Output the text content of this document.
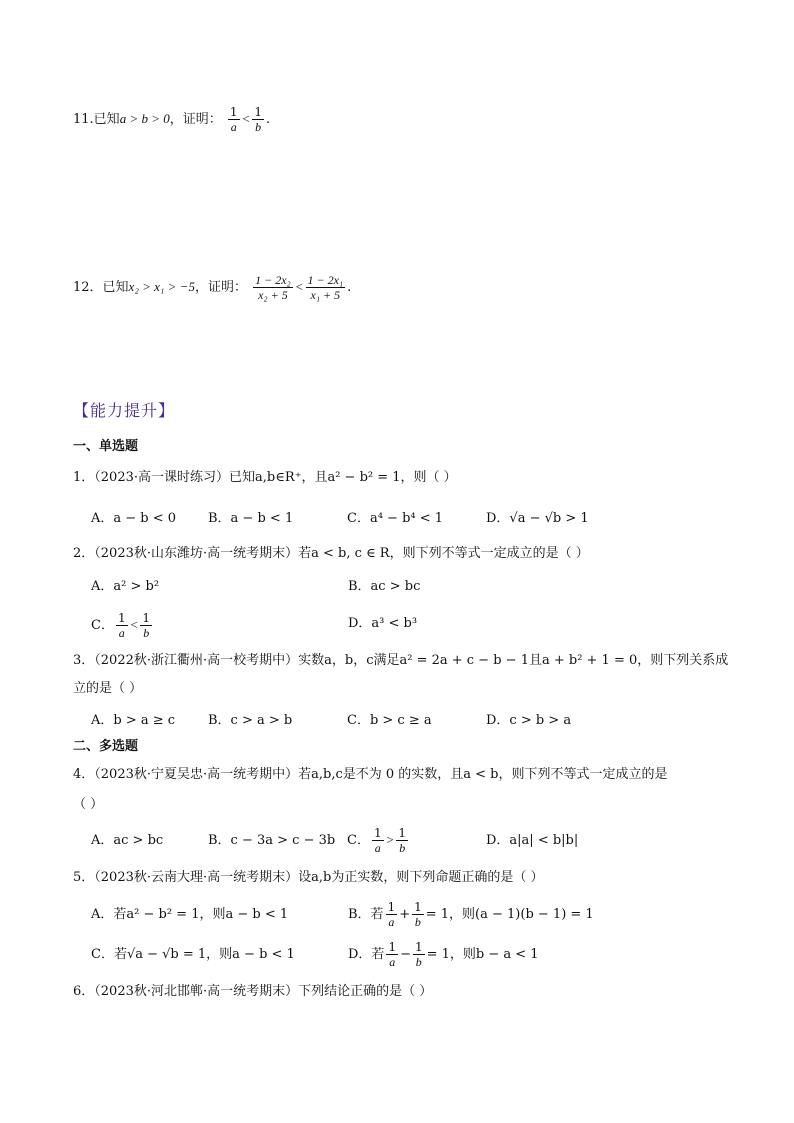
11.已知a > b > 0，证明： $\frac{1}{a} < \frac{1}{b}$ .
12．已知x₂ > x₁ > −5，证明： $\frac{\text{1 − 2x₂}}{\text{x₂ + 5}} < \frac{\text{1 − 2x₁}}{\text{x₁ + 5}}$ .
【能力提升】
一、单选题
1．（2023·高一课时练习）已知a,b∈R⁺，且a² − b² = 1，则（ ）
A．a − b < 0 B．a − b < 1	C．a⁴ − b⁴ < 1	D．√a − √b > 1
2．（2023秋·山东潍坊·高一统考期末）若a < b, c ∈ R，则下列不等式一定成立的是（ ）
A．a² > b²	B．ac > bc
C． $\frac{1}{a} < \frac{1}{b}$	D．a³ < b³
3．（2022秋·浙江衢州·高一校考期中）实数a，b，c满足a² = 2a + c − b − 1且a + b² + 1 = 0，则下列关系成
立的是（ ）
A．b > a ≥ c	B．c > a > b	C．b > c ≥ a	D．c > b > a
二、多选题
4．（2023秋·宁夏吴忠·高一统考期中）若a,b,c是不为 0 的实数，且a < b，则下列不等式一定成立的是
（ ）
A．ac > bc	B．c − 3a > c − 3b C． $\frac{1}{a} > \frac{1}{b}$	D．a|a| < b|b|
5．（2023秋·云南大理·高一统考期末）设a,b为正实数，则下列命题正确的是（ ）
A．若a² − b² = 1，则a − b < 1	B．若 $\frac{1}{a} + \frac{1}{b} = 1$，则(a − 1)(b − 1) = 1
C．若√a − √b = 1，则a − b < 1	D．若 $\frac{1}{a} - \frac{1}{b} = 1$，则b − a < 1
6．（2023秋·河北邯郸·高一统考期末）下列结论正确的是（ ）
